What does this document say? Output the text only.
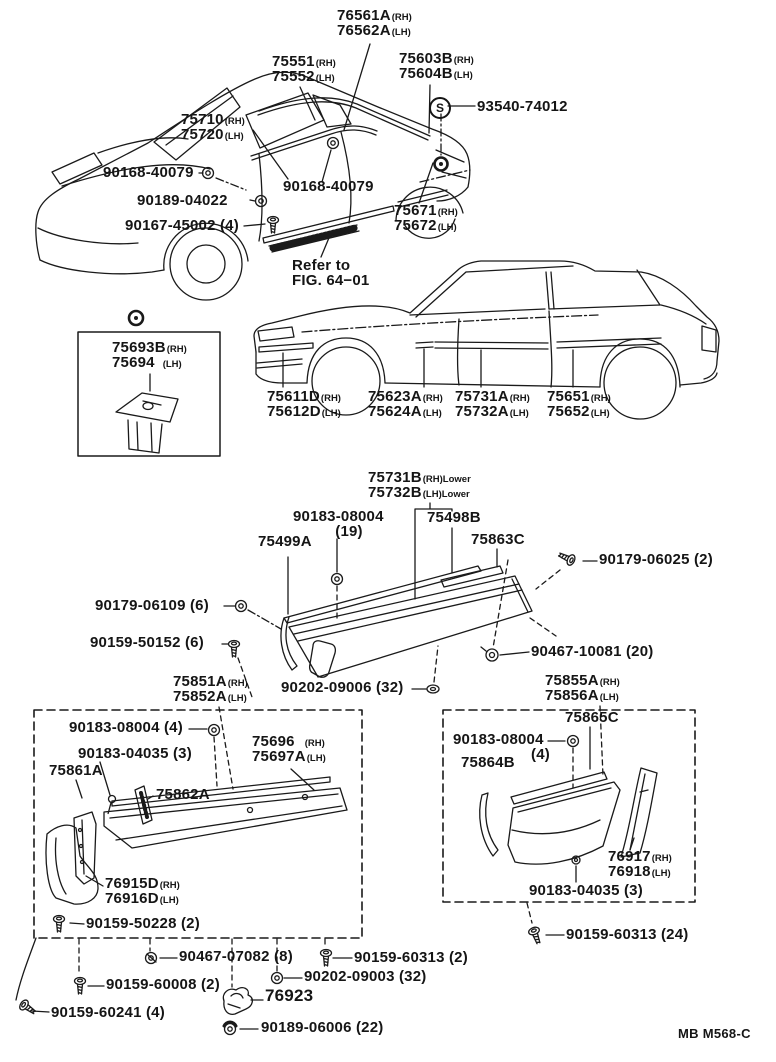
S
76561A(RH)
76562A(LH)
75551(RH)
75552(LH)
75603B(RH)
75604B(LH)
93540-74012
75710(RH)
75720(LH)
90168-40079
90168-40079
90189-04022
90167-45002 (4)
75671(RH)
75672(LH)
Refer to
FIG. 64−01
75693B(RH)
75694 (LH)
75611D(RH)
75612D(LH)
75623A(RH)
75624A(LH)
75731A(RH)
75732A(LH)
75651(RH)
75652(LH)
75731B(RH)Lower
75732B(LH)Lower
90183-08004
(19)
75498B
75499A	75863C
90179-06025 (2)
90179-06109 (6)
90159-50152 (6)
90467-10081 (20)
90202-09006 (32)
75851A(RH)
75852A(LH)
75855A(RH)
75856A(LH)
90183-08004 (4)
90183-04035 (3)
75861A
75862A
75696 (RH)
75697A(LH)
76915D(RH)
76916D(LH)
90159-50228 (2)
75865C
90183-08004
(4)
75864B
76917(RH)
76918(LH)
90183-04035 (3)
90159-60313 (24)
90467-07082 (8)	90159-60313 (2)
90202-09003 (32)
90159-60008 (2)
76923
90159-60241 (4)
90189-06006 (22)	MB M568-C
